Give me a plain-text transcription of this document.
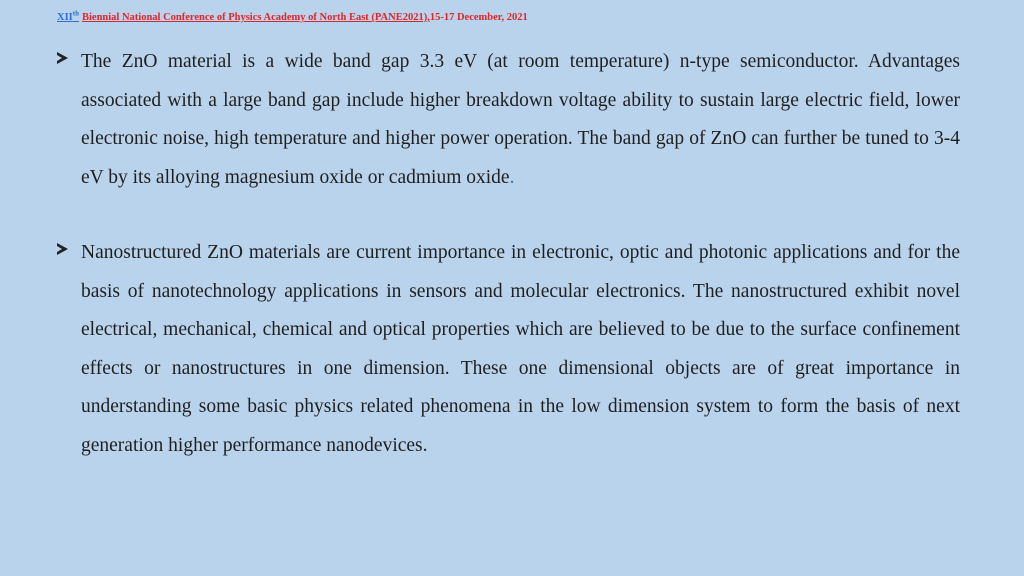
XIIth Biennial National Conference of Physics Academy of North East (PANE2021),15-17 December, 2021
The ZnO material is a wide band gap 3.3 eV (at room temperature) n-type semiconductor. Advantages associated with a large band gap include higher breakdown voltage ability to sustain large electric field, lower electronic noise, high temperature and higher power operation. The band gap of ZnO can further be tuned to 3-4 eV by its alloying magnesium oxide or cadmium oxide.
Nanostructured ZnO materials are current importance in electronic, optic and photonic applications and for the basis of nanotechnology applications in sensors and molecular electronics. The nanostructured exhibit novel electrical, mechanical, chemical and optical properties which are believed to be due to the surface confinement effects or nanostructures in one dimension. These one dimensional objects are of great importance in understanding some basic physics related phenomena in the low dimension system to form the basis of next generation higher performance nanodevices.
